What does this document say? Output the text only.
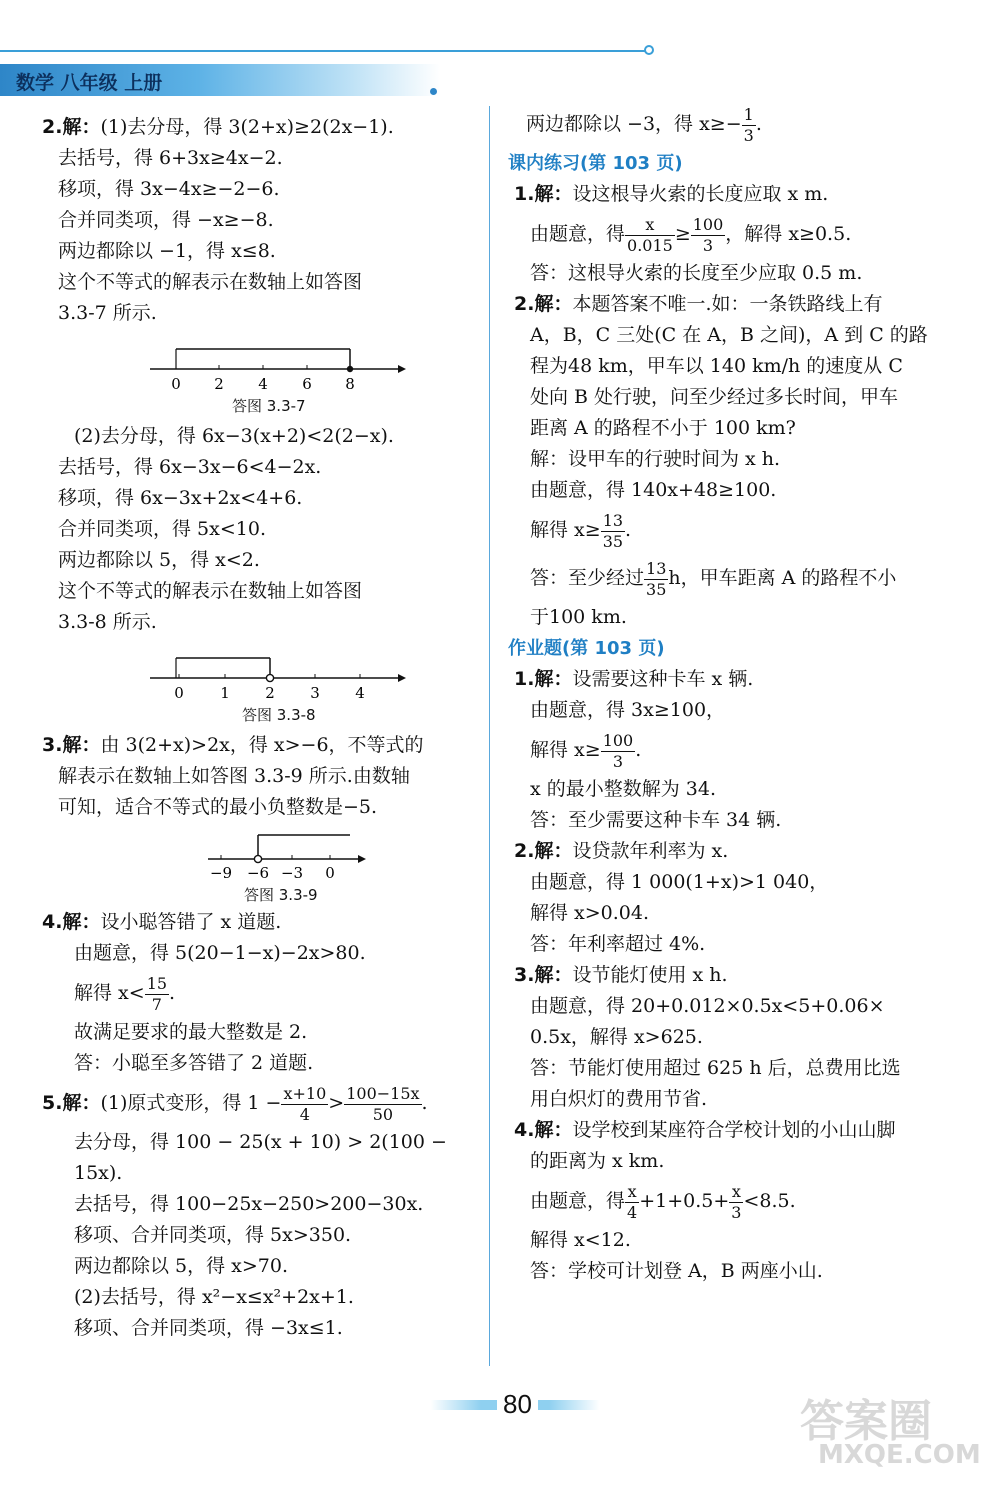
数学 八年级 上册
2.解：(1)去分母，得 3(2+x)≥2(2x−1).
去括号，得 6+3x≥4x−2.
移项，得 3x−4x≥−2−6.
合并同类项，得 −x≥−8.
两边都除以 −1，得 x≤8.
这个不等式的解表示在数轴上如答图
3.3-7 所示.
0 2 4 6 8
答图 3.3-7
(2)去分母，得 6x−3(x+2)<2(2−x).
去括号，得 6x−3x−6<4−2x.
移项，得 6x−3x+2x<4+6.
合并同类项，得 5x<10.
两边都除以 5，得 x<2.
这个不等式的解表示在数轴上如答图
3.3-8 所示.
0 1 2 3 4
答图 3.3-8
3.解：由 3(2+x)>2x，得 x>−6，不等式的
解表示在数轴上如答图 3.3-9 所示.由数轴
可知，适合不等式的最小负整数是−5.
−9 −6 −3 0
答图 3.3-9
4.解：设小聪答错了 x 道题.
由题意，得 5(20−1−x)−2x>80.
解得 $x< \frac{15}{7}$ .
故满足要求的最大整数是 2.
答：小聪至多答错了 2 道题.
5.解：(1)原式变形，得 $1 - \frac{x+10}{4} > \frac{100-15x}{50}$ .
去分母，得 100 − 25(x + 10) > 2(100 −
15x).
去括号，得 100−25x−250>200−30x.
移项、合并同类项，得 5x>350.
两边都除以 5，得 x>70.
(2)去括号，得 x²−x≤x²+2x+1.
移项、合并同类项，得 −3x≤1.
两边都除以 −3，得 $x\ge- \frac{1}{3}$ .
课内练习(第 103 页)
1.解：设这根导火索的长度应取 x m.
由题意，得 $\frac{x}{0.015} \ge \frac{100}{3}$ ，解得 x≥0.5.
答：这根导火索的长度至少应取 0.5 m.
2.解：本题答案不唯一.如：一条铁路线上有
A，B，C 三处(C 在 A，B 之间)，A 到 C 的路
程为48 km，甲车以 140 km/h 的速度从 C
处向 B 处行驶，问至少经过多长时间，甲车
距离 A 的路程不小于 100 km?
解：设甲车的行驶时间为 x h.
由题意，得 140x+48≥100.
解得 $x\ge \frac{13}{35}$ .
答：至少经过 $\frac{13}{35}$ h，甲车距离 A 的路程不小
于100 km.
作业题(第 103 页)
1.解：设需要这种卡车 x 辆.
由题意，得 3x≥100，
解得 $x\ge \frac{100}{3}$ .
x 的最小整数解为 34.
答：至少需要这种卡车 34 辆.
2.解：设贷款年利率为 x.
由题意，得 1 000(1+x)>1 040，
解得 x>0.04.
答：年利率超过 4%.
3.解：设节能灯使用 x h.
由题意，得 20+0.012×0.5x<5+0.06×
0.5x，解得 x>625.
答：节能灯使用超过 625 h 后，总费用比选
用白炽灯的费用节省.
4.解：设学校到某座符合学校计划的小山山脚
的距离为 x km.
由题意，得 $\frac{x}{4} +1+0.5+ \frac{x}{3} <8.5$.
解得 x<12.
答：学校可计划登 A，B 两座小山.
80	答案圈
MXQE.COM
